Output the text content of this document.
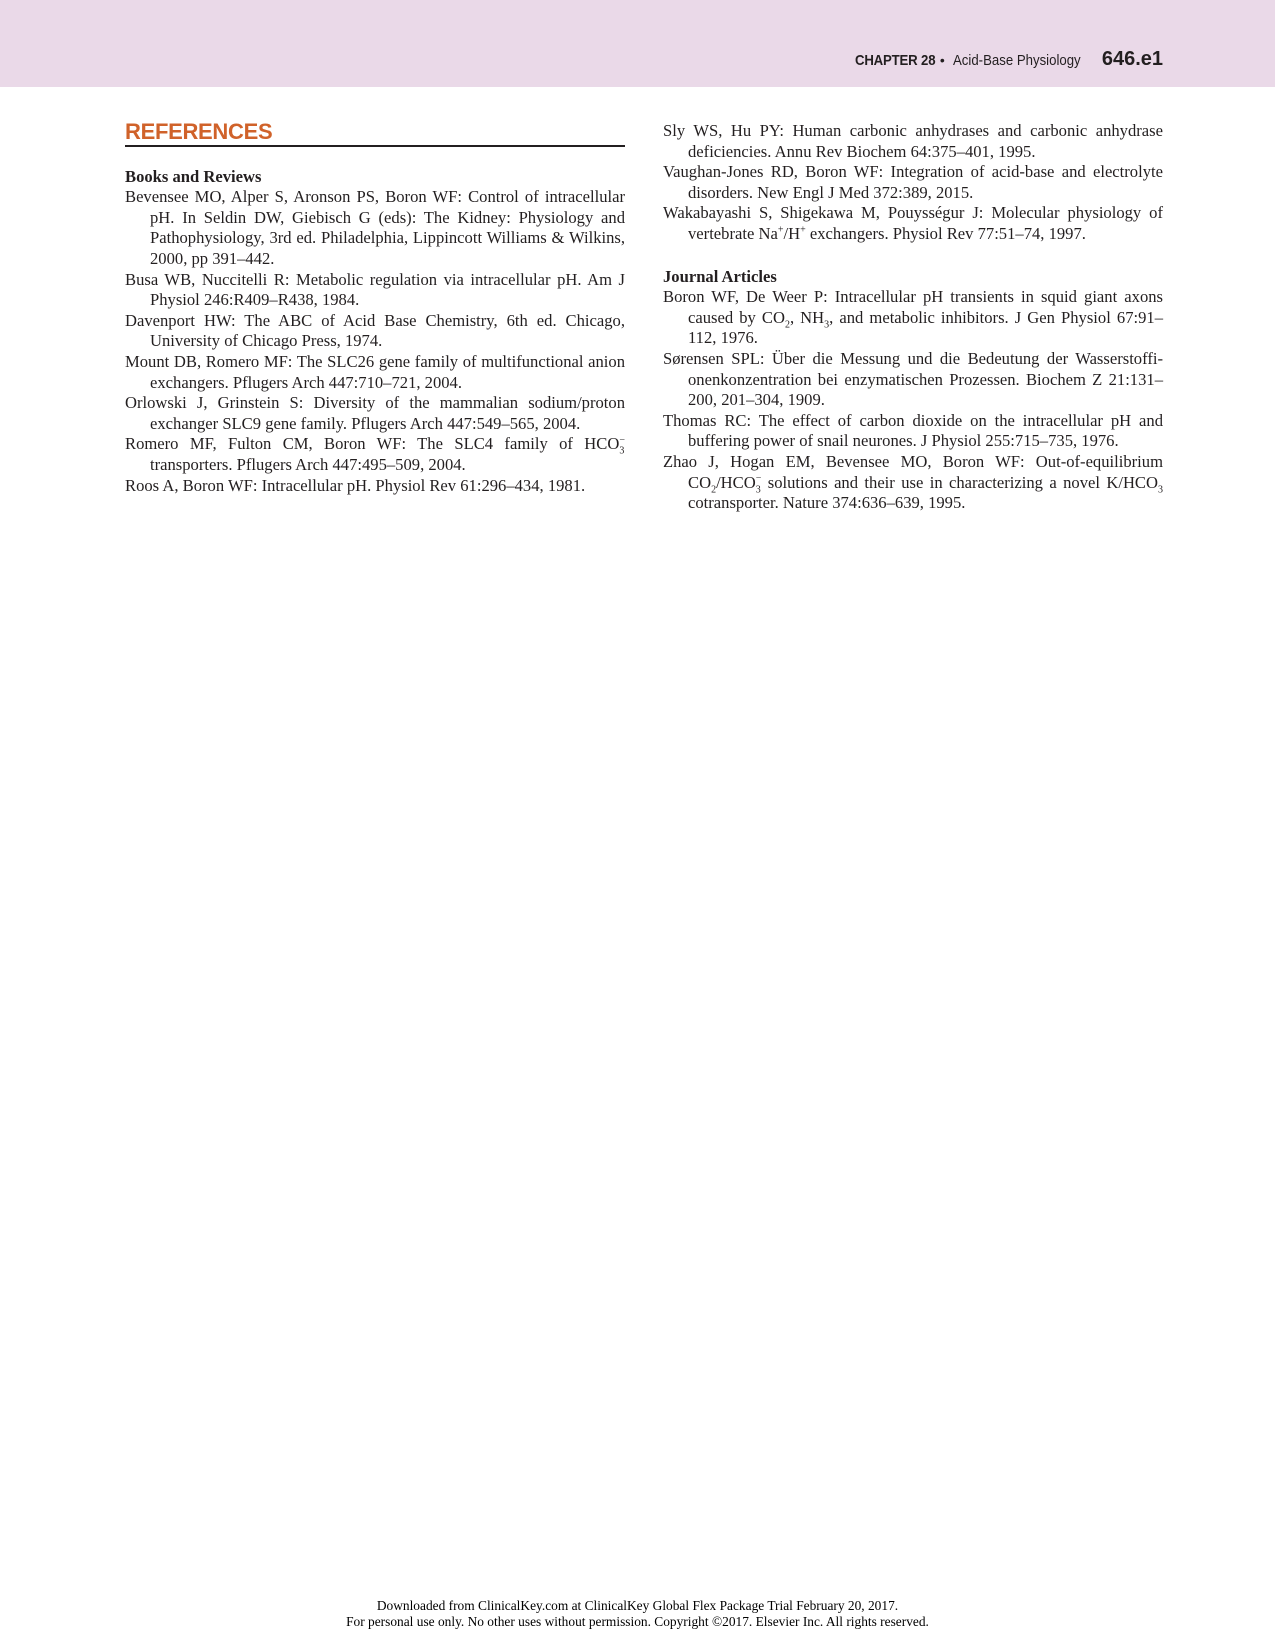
CHAPTER 28 • Acid-Base Physiology 646.e1
REFERENCES
Books and Reviews

Bevensee MO, Alper S, Aronson PS, Boron WF: Control of intracellular pH. In Seldin DW, Giebisch G (eds): The Kidney: Physiology and Pathophysiology, 3rd ed. Philadelphia, Lippincott Williams & Wilkins, 2000, pp 391–442.

Busa WB, Nuccitelli R: Metabolic regulation via intracellular pH. Am J Physiol 246:R409–R438, 1984.

Davenport HW: The ABC of Acid Base Chemistry, 6th ed. Chicago, University of Chicago Press, 1974.

Mount DB, Romero MF: The SLC26 gene family of multifunctional anion exchangers. Pflugers Arch 447:710–721, 2004.

Orlowski J, Grinstein S: Diversity of the mammalian sodium/proton exchanger SLC9 gene family. Pflugers Arch 447:549–565, 2004.

Romero MF, Fulton CM, Boron WF: The SLC4 family of $HCO_3^-$ transporters. Pflugers Arch 447:495–509, 2004.

Roos A, Boron WF: Intracellular pH. Physiol Rev 61:296–434, 1981.

Sly WS, Hu PY: Human carbonic anhydrases and carbonic anhydrase deficiencies. Annu Rev Biochem 64:375–401, 1995.

Vaughan-Jones RD, Boron WF: Integration of acid-base and electrolyte disorders. New Engl J Med 372:389, 2015.

Wakabayashi S, Shigekawa M, Pouysségur J: Molecular physiology of vertebrate Na+/H+ exchangers. Physiol Rev 77:51–74, 1997.

Journal Articles

Boron WF, De Weer P: Intracellular pH transients in squid giant axons caused by $CO_2$, $NH_3$, and metabolic inhibitors. J Gen Physiol 67:91–112, 1976.

Sørensen SPL: Über die Messung und die Bedeutung der Wasserstoffi-onenkonzentration bei enzymatischen Prozessen. Biochem Z 21:131–200, 201–304, 1909.

Thomas RC: The effect of carbon dioxide on the intracellular pH and buffering power of snail neurones. J Physiol 255:715–735, 1976.

Zhao J, Hogan EM, Bevensee MO, Boron WF: Out-of-equilibrium $CO_2/HCO_3^-$ solutions and their use in characterizing a novel $K/HCO_3$ cotransporter. Nature 374:636–639, 1995.

Downloaded from ClinicalKey.com at ClinicalKey Global Flex Package Trial February 20, 2017.
For personal use only. No other uses without permission. Copyright ©2017. Elsevier Inc. All rights reserved.
